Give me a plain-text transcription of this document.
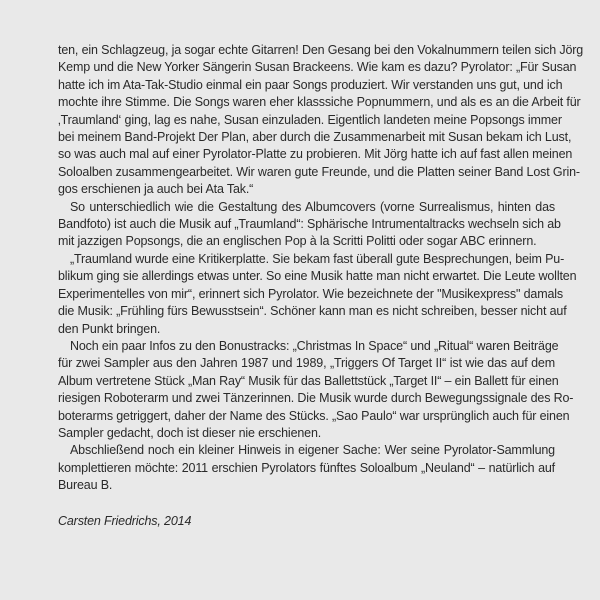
ten, ein Schlagzeug, ja sogar echte Gitarren! Den Gesang bei den Vokalnummern teilen sich Jörg
Kemp und die New Yorker Sängerin Susan Brackeens. Wie kam es dazu? Pyrolator: „Für Susan
hatte ich im Ata-Tak-Studio einmal ein paar Songs produziert. Wir verstanden uns gut, und ich
mochte ihre Stimme. Die Songs waren eher klasssiche Popnummern, und als es an die Arbeit für
‚Traumland‘ ging, lag es nahe, Susan einzuladen. Eigentlich landeten meine Popsongs immer
bei meinem Band-Projekt Der Plan, aber durch die Zusammenarbeit mit Susan bekam ich Lust,
so was auch mal auf einer Pyrolator-Platte zu probieren. Mit Jörg hatte ich auf fast allen meinen
Soloalben zusammengearbeitet. Wir waren gute Freunde, und die Platten seiner Band Lost Grin-
gos erschienen ja auch bei Ata Tak.“
So unterschiedlich wie die Gestaltung des Albumcovers (vorne Surrealismus, hinten das
Bandfoto) ist auch die Musik auf „Traumland“: Sphärische Intrumentaltracks wechseln sich ab
mit jazzigen Popsongs, die an englischen Pop à la Scritti Politti oder sogar ABC erinnern.
„Traumland wurde eine Kritikerplatte. Sie bekam fast überall gute Besprechungen, beim Pu-
blikum ging sie allerdings etwas unter. So eine Musik hatte man nicht erwartet. Die Leute wollten
Experimentelles von mir“, erinnert sich Pyrolator. Wie bezeichnete der "Musikexpress" damals
die Musik: „Frühling fürs Bewusstsein“. Schöner kann man es nicht schreiben, besser nicht auf
den Punkt bringen.
Noch ein paar Infos zu den Bonustracks: „Christmas In Space“ und „Ritual“ waren Beiträge
für zwei Sampler aus den Jahren 1987 und 1989, „Triggers Of Target II“ ist wie das auf dem
Album vertretene Stück „Man Ray“ Musik für das Ballettstück „Target II“ – ein Ballett für einen
riesigen Roboterarm und zwei Tänzerinnen. Die Musik wurde durch Bewegungssignale des Ro-
boterarms getriggert, daher der Name des Stücks. „Sao Paulo“ war ursprünglich auch für einen
Sampler gedacht, doch ist dieser nie erschienen.
Abschließend noch ein kleiner Hinweis in eigener Sache: Wer seine Pyrolator-Sammlung
komplettieren möchte: 2011 erschien Pyrolators fünftes Soloalbum „Neuland“ – natürlich auf
Bureau B.
Carsten Friedrichs, 2014
